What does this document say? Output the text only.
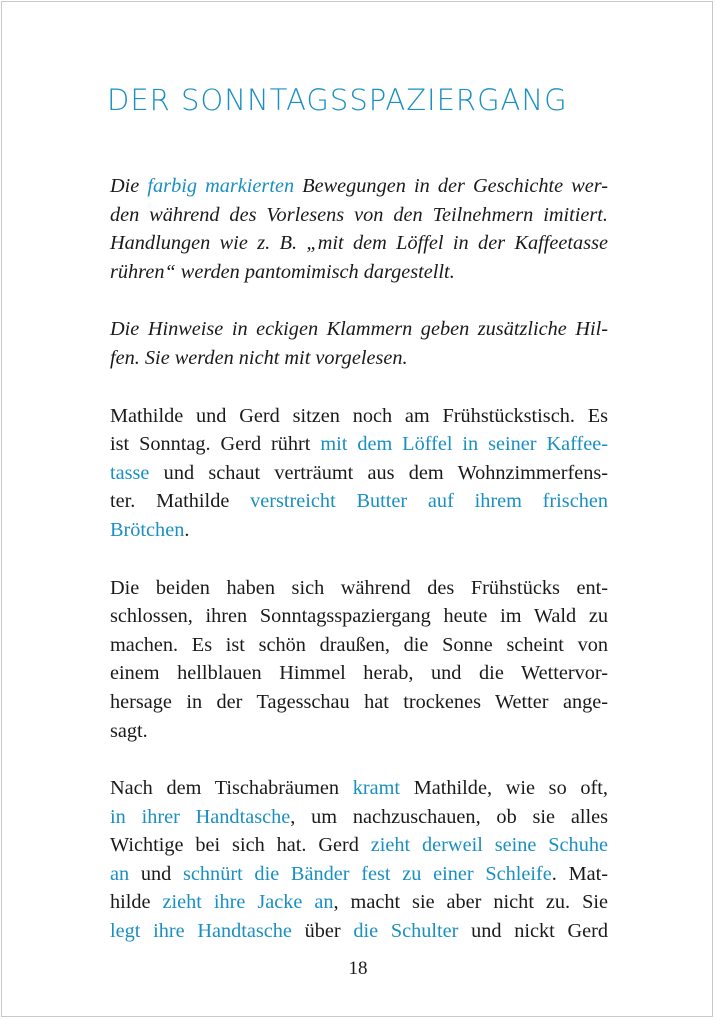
DER SONNTAGSSPAZIERGANG

Die farbig markierten Bewegungen in der Geschichte wer-
den während des Vorlesens von den Teilnehmern imitiert.
Handlungen wie z. B. „mit dem Löffel in der Kaffeetasse
rühren“ werden pantomimisch dargestellt.

Die Hinweise in eckigen Klammern geben zusätzliche Hil-
fen. Sie werden nicht mit vorgelesen.

Mathilde und Gerd sitzen noch am Frühstückstisch. Es
ist Sonntag. Gerd rührt mit dem Löffel in seiner Kaffee-
tasse und schaut verträumt aus dem Wohnzimmerfens-
ter. Mathilde verstreicht Butter auf ihrem frischen
Brötchen.

Die beiden haben sich während des Frühstücks ent-
schlossen, ihren Sonntagsspaziergang heute im Wald zu
machen. Es ist schön draußen, die Sonne scheint von
einem hellblauen Himmel herab, und die Wettervor-
hersage in der Tagesschau hat trockenes Wetter ange-
sagt.

Nach dem Tischabräumen kramt Mathilde, wie so oft,
in ihrer Handtasche, um nachzuschauen, ob sie alles
Wichtige bei sich hat. Gerd zieht derweil seine Schuhe
an und schnürt die Bänder fest zu einer Schleife. Mat-
hilde zieht ihre Jacke an, macht sie aber nicht zu. Sie
legt ihre Handtasche über die Schulter und nickt Gerd

18
